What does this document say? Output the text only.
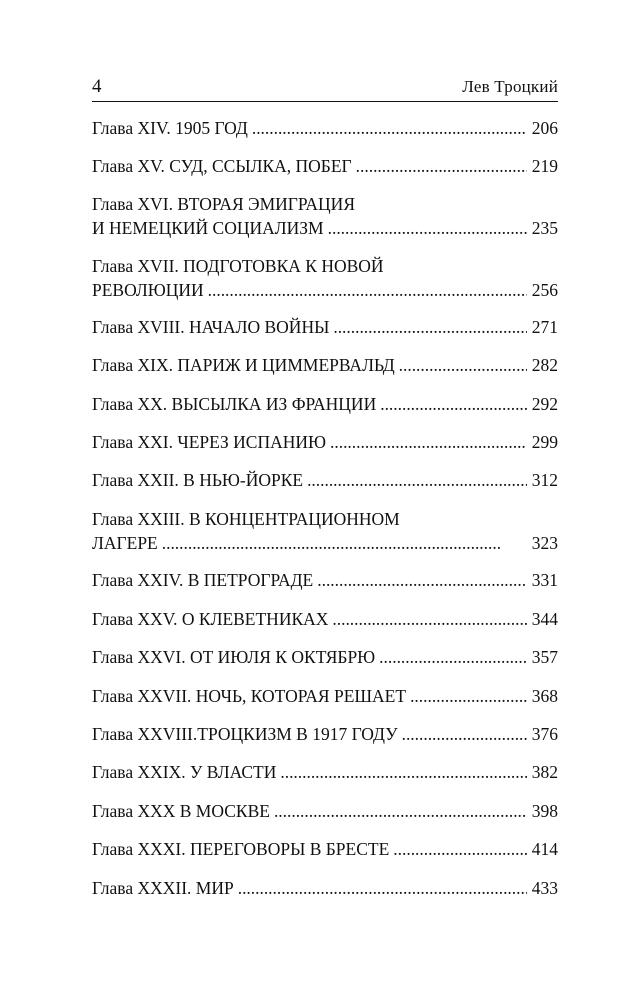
4	Лев Троцкий
Глава XIV. 1905 ГОД . . .	206
Глава XV. СУД, ССЫЛКА, ПОБЕГ . . .	219
Глава XVI. ВТОРАЯ ЭМИГРАЦИЯ
И НЕМЕЦКИЙ СОЦИАЛИЗМ . . .	235
Глава XVII. ПОДГОТОВКА К НОВОЙ
РЕВОЛЮЦИИ . . .	256
Глава XVIII. НАЧАЛО ВОЙНЫ . . .	271
Глава XIX. ПАРИЖ И ЦИММЕРВАЛЬД . . .	282
Глава XX. ВЫСЫЛКА ИЗ ФРАНЦИИ . . .	292
Глава XXI. ЧЕРЕЗ ИСПАНИЮ . . .	299
Глава XXII. В НЬЮ-ЙОРКЕ . . .	312
Глава XXIII. В КОНЦЕНТРАЦИОННОМ
ЛАГЕРЕ . . .	323
Глава XXIV. В ПЕТРОГРАДЕ . . .	331
Глава XXV. О КЛЕВЕТНИКАХ . . .	344
Глава XXVI. ОТ ИЮЛЯ К ОКТЯБРЮ . . .	357
Глава XXVII. НОЧЬ, КОТОРАЯ РЕШАЕТ . . .	368
Глава XXVIII.ТРОЦКИЗМ В 1917 ГОДУ . . .	376
Глава XXIX. У ВЛАСТИ . . .	382
Глава XXX В МОСКВЕ . . .	398
Глава XXXI. ПЕРЕГОВОРЫ В БРЕСТЕ . . .	414
Глава XXXII. МИР . . .	433
